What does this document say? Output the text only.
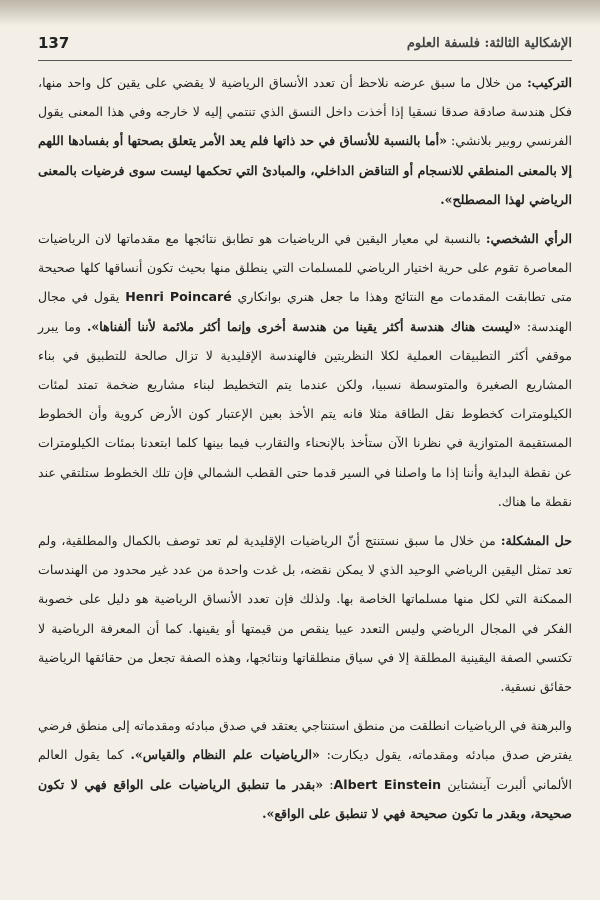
الإشكالية الثالثة: فلسفة العلوم
137

التركيب: من خلال ما سبق عرضه نلاحظ أن تعدد الأنساق الرياضية لا يقضي على يقين كل واحد منها، فكل هندسة صادقة صدقا نسقيا إذا أخذت داخل النسق الذي تنتمي إليه لا خارجه وفي هذا المعنى يقول الفرنسي روبير بلانشي: «أما بالنسبة للأنساق في حد ذاتها فلم يعد الأمر يتعلق بصحتها أو بفسادها اللهم إلا بالمعنى المنطقي للانسجام أو التناقض الداخلي، والمبادئ التي تحكمها ليست سوى فرضيات بالمعنى الرياضي لهذا المصطلح».

الرأي الشخصي: بالنسبة لي معيار اليقين في الرياضيات هو تطابق نتائجها مع مقدماتها لان الرياضيات المعاصرة تقوم على حرية اختيار الرياضي للمسلمات التي ينطلق منها بحيث تكون أنساقها كلها صحيحة متى تطابقت المقدمات مع النتائج وهذا ما جعل هنري بوانكاري Henri Poincaré يقول في مجال الهندسة: «ليست هناك هندسة أكثر يقينا من هندسة أخرى وإنما أكثر ملائمة لأننا ألفناها». وما يبرر موقفي أكثر التطبيقات العملية لكلا النظريتين فالهندسة الإقليدية لا تزال صالحة للتطبيق في بناء المشاريع الصغيرة والمتوسطة نسبيا، ولكن عندما يتم التخطيط لبناء مشاريع ضخمة تمتد لمئات الكيلومترات كخطوط نقل الطاقة مثلا فانه يتم الأخذ بعين الإعتبار كون الأرض كروية وأن الخطوط المستقيمة المتوازية في نظرنا الآن ستأخذ بالإنحناء والتقارب فيما بينها كلما ابتعدنا بمئات الكيلومترات عن نقطة البداية وأننا إذا ما واصلنا في السير قدما حتى القطب الشمالي فإن تلك الخطوط ستلتقي عند نقطة ما هناك.

حل المشكلة: من خلال ما سبق نستنتج أنّ الرياضيات الإقليدية لم تعد توصف بالكمال والمطلقية، ولم تعد تمثل اليقين الرياضي الوحيد الذي لا يمكن نقضه، بل غدت واحدة من عدد غير محدود من الهندسات الممكنة التي لكل منها مسلماتها الخاصة بها. ولذلك فإن تعدد الأنساق الرياضية هو دليل على خصوبة الفكر في المجال الرياضي وليس التعدد عيبا ينقص من قيمتها أو يقينها. كما أن المعرفة الرياضية لا تكتسي الصفة اليقينية المطلقة إلا في سياق منطلقاتها ونتائجها، وهذه الصفة تجعل من حقائقها الرياضية حقائق نسقية.

والبرهنة في الرياضيات انطلقت من منطق استنتاجي يعتقد في صدق مبادئه ومقدماته إلى منطق فرضي يفترض صدق مبادئه ومقدماته، يقول ديكارت: «الرياضيات علم النظام والقياس». كما يقول العالم الألماني ألبرت آينشتاين Albert Einstein: «بقدر ما تنطبق الرياضيات على الواقع فهي لا تكون صحيحة، وبقدر ما تكون صحيحة فهي لا تنطبق على الواقع».
